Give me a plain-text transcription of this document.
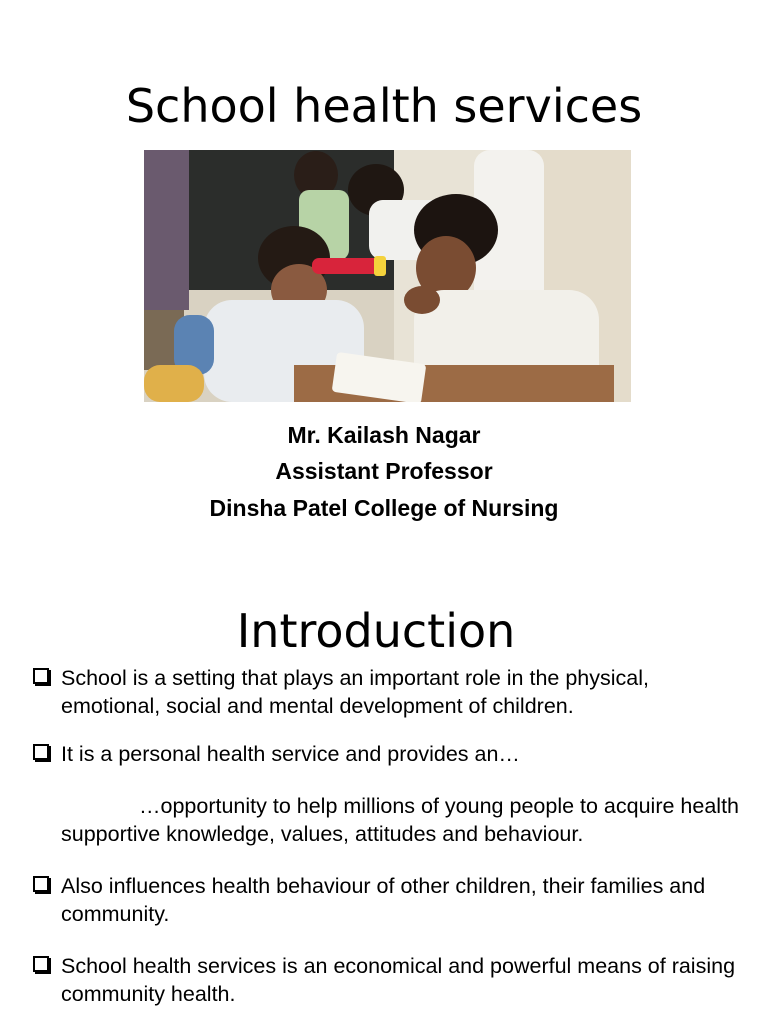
School health services
Mr. Kailash Nagar
Assistant Professor
Dinsha Patel College of Nursing
Introduction
School is a setting that plays an important role in the physical, emotional, social and mental development of children.
It is a personal health service and provides an…
…opportunity to help millions of young people to acquire health supportive knowledge, values, attitudes and behaviour.
Also influences health behaviour of other children, their families and community.
School health services is an economical and powerful means of raising community health.
